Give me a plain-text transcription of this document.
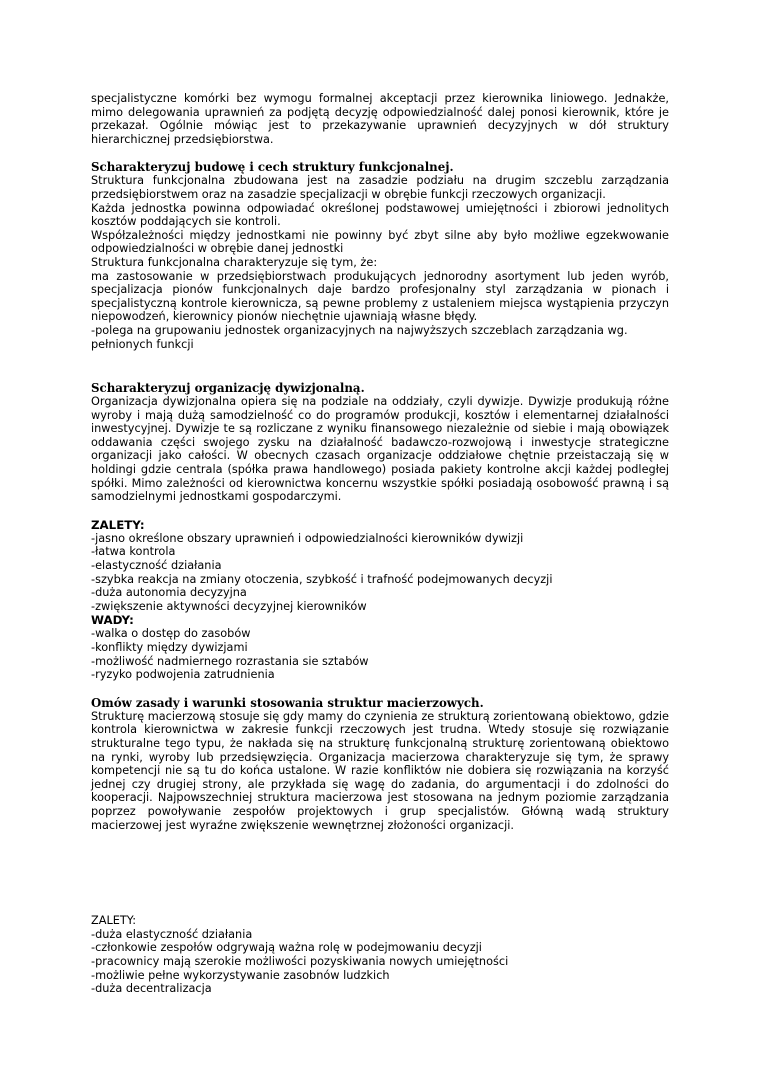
specjalistyczne komórki bez wymogu formalnej akceptacji przez kierownika liniowego. Jednakże, mimo delegowania uprawnień za podjętą decyzję odpowiedzialność dalej ponosi kierownik, które je przekazał. Ogólnie mówiąc jest to przekazywanie uprawnień decyzyjnych w dół struktury hierarchicznej przedsiębiorstwa.

Scharakteryzuj budowę i cech struktury funkcjonalnej.

Struktura funkcjonalna zbudowana jest na zasadzie podziału na drugim szczeblu zarządzania przedsiębiorstwem oraz na zasadzie specjalizacji w obrębie funkcji rzeczowych organizacji.

Każda jednostka powinna odpowiadać określonej podstawowej umiejętności i zbiorowi jednolitych kosztów poddających sie kontroli.

Współzależności między jednostkami nie powinny być zbyt silne aby było możliwe egzekwowanie odpowiedzialności w obrębie danej jednostki

Struktura funkcjonalna charakteryzuje się tym, że:

ma zastosowanie w przedsiębiorstwach produkujących jednorodny asortyment lub jeden wyrób, specjalizacja pionów funkcjonalnych daje bardzo profesjonalny styl zarządzania w pionach i specjalistyczną kontrole kierownicza, są pewne problemy z ustaleniem miejsca wystąpienia przyczyn niepowodzeń, kierownicy pionów niechętnie ujawniają własne błędy.

-polega na grupowaniu jednostek organizacyjnych na najwyższych szczeblach zarządzania wg. pełnionych funkcji

Scharakteryzuj organizację dywizjonalną.

Organizacja dywizjonalna opiera się na podziale na oddziały, czyli dywizje. Dywizje produkują różne wyroby i mają dużą samodzielność co do programów produkcji, kosztów i elementarnej działalności inwestycyjnej. Dywizje te są rozliczane z wyniku finansowego niezależnie od siebie i mają obowiązek oddawania części swojego zysku na działalność badawczo-rozwojową i inwestycje strategiczne organizacji jako całości. W obecnych czasach organizacje oddziałowe chętnie przeistaczają się w holdingi gdzie centrala (spółka prawa handlowego) posiada pakiety kontrolne akcji każdej podległej spółki. Mimo zależności od kierownictwa koncernu wszystkie spółki posiadają osobowość prawną i są samodzielnymi jednostkami gospodarczymi.

ZALETY:

-jasno określone obszary uprawnień i odpowiedzialności kierowników dywizji

-łatwa kontrola

-elastyczność działania

-szybka reakcja na zmiany otoczenia, szybkość i trafność podejmowanych decyzji

-duża autonomia decyzyjna

-zwiększenie aktywności decyzyjnej kierowników

WADY:

-walka o dostęp do zasobów

-konflikty między dywizjami

-możliwość nadmiernego rozrastania sie sztabów

-ryzyko podwojenia zatrudnienia

Omów zasady i warunki stosowania struktur macierzowych.

Strukturę macierzową stosuje się gdy mamy do czynienia ze strukturą zorientowaną obiektowo, gdzie kontrola kierownictwa w zakresie funkcji rzeczowych jest trudna. Wtedy stosuje się rozwiązanie strukturalne tego typu, że nakłada się na strukturę funkcjonalną strukturę zorientowaną obiektowo na rynki, wyroby lub przedsięwzięcia. Organizacja macierzowa charakteryzuje się tym, że sprawy kompetencji nie są tu do końca ustalone. W razie konfliktów nie dobiera się rozwiązania na korzyść jednej czy drugiej strony, ale przykłada się wagę do zadania, do argumentacji i do zdolności do kooperacji. Najpowszechniej struktura macierzowa jest stosowana na jednym poziomie zarządzania poprzez powoływanie zespołów projektowych i grup specjalistów. Główną wadą struktury macierzowej jest wyraźne zwiększenie wewnętrznej złożoności organizacji.

ZALETY:

-duża elastyczność działania

-członkowie zespołów odgrywają ważna rolę w podejmowaniu decyzji

-pracownicy mają szerokie możliwości pozyskiwania nowych umiejętności

-możliwie pełne wykorzystywanie zasobnów ludzkich

-duża decentralizacja
